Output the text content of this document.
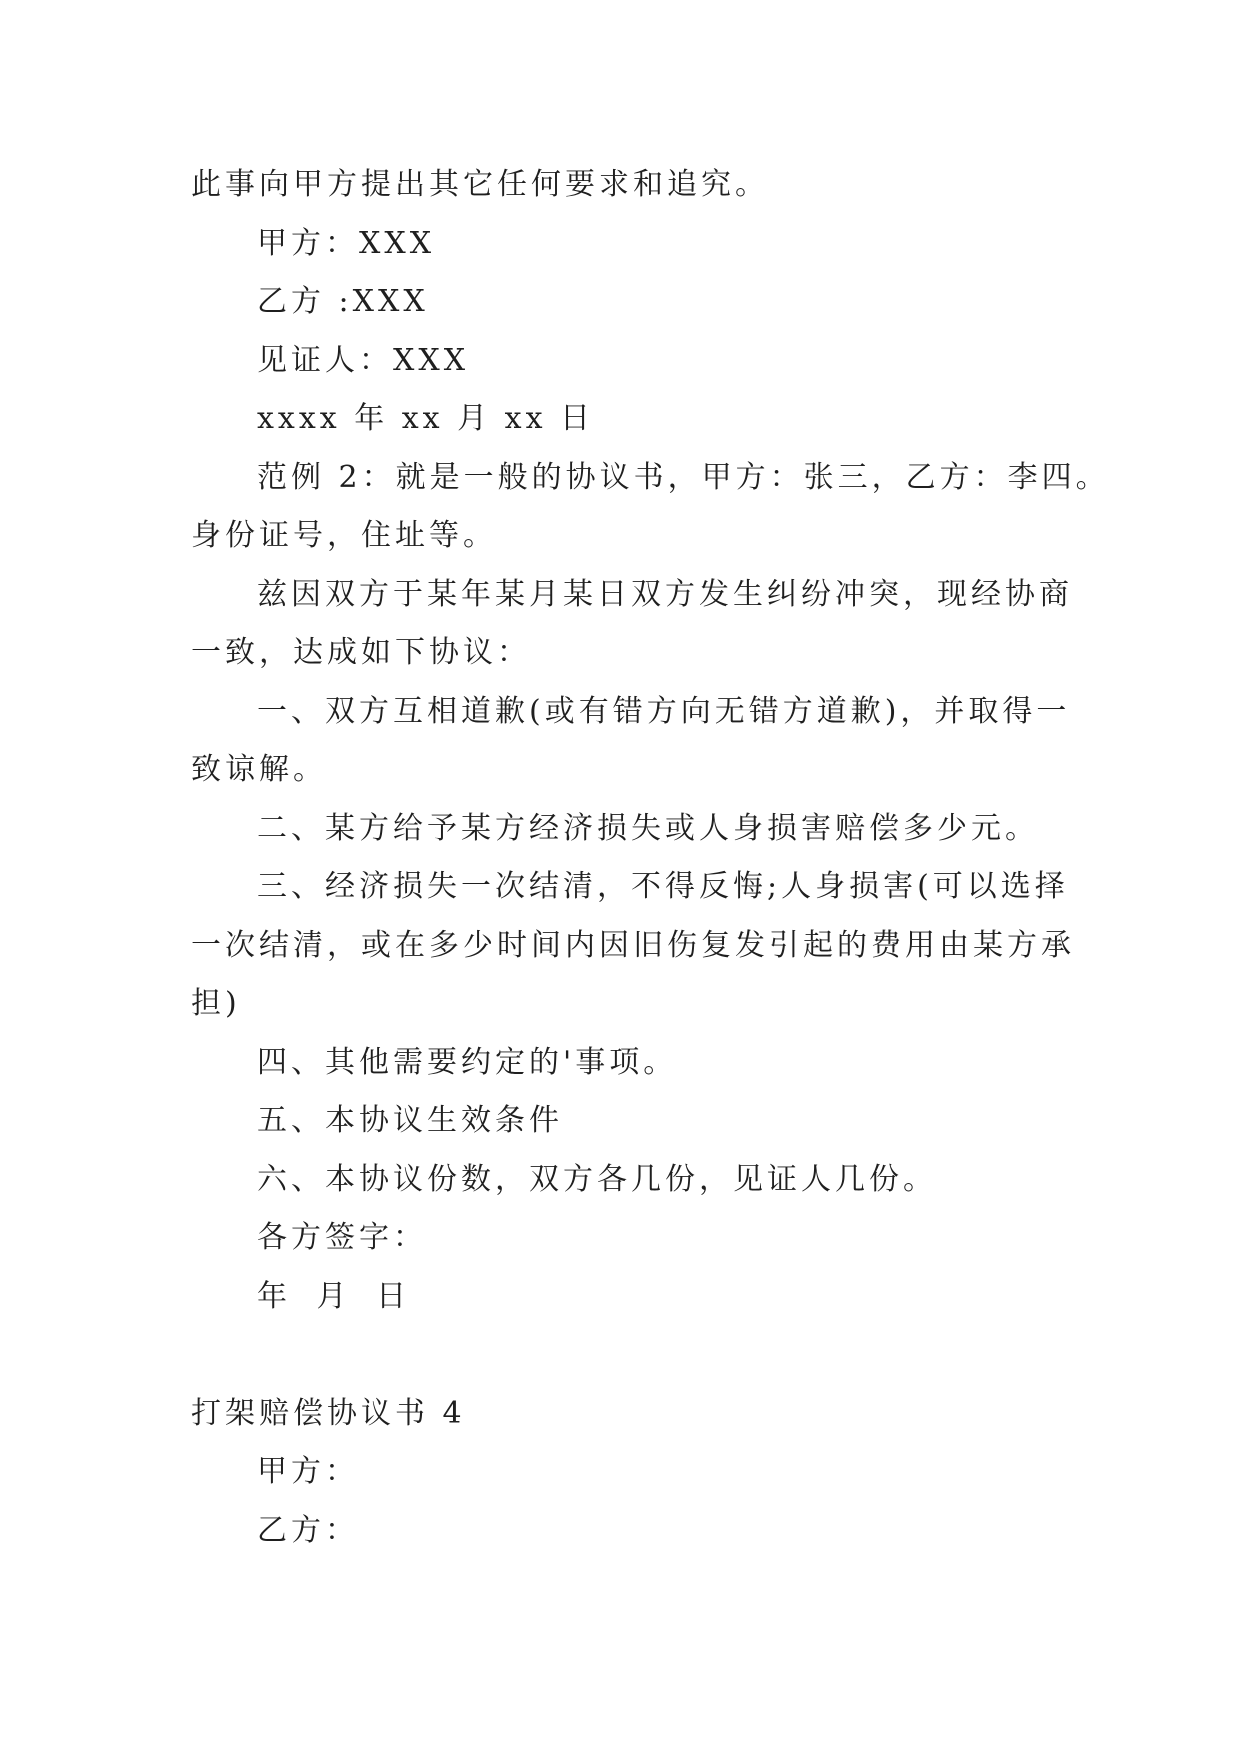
此事向甲方提出其它任何要求和追究。
甲方：XXX
乙方 :XXX
见证人：XXX
xxxx 年 xx 月 xx 日
范例 2：就是一般的协议书，甲方：张三，乙方：李四。
身份证号，住址等。
兹因双方于某年某月某日双方发生纠纷冲突，现经协商
一致，达成如下协议：
一、双方互相道歉(或有错方向无错方道歉)，并取得一
致谅解。
二、某方给予某方经济损失或人身损害赔偿多少元。
三、经济损失一次结清，不得反悔;人身损害(可以选择
一次结清，或在多少时间内因旧伤复发引起的费用由某方承
担)
四、其他需要约定的'事项。
五、本协议生效条件
六、本协议份数，双方各几份，见证人几份。
各方签字：
年 月 日
打架赔偿协议书 4
甲方：
乙方：
